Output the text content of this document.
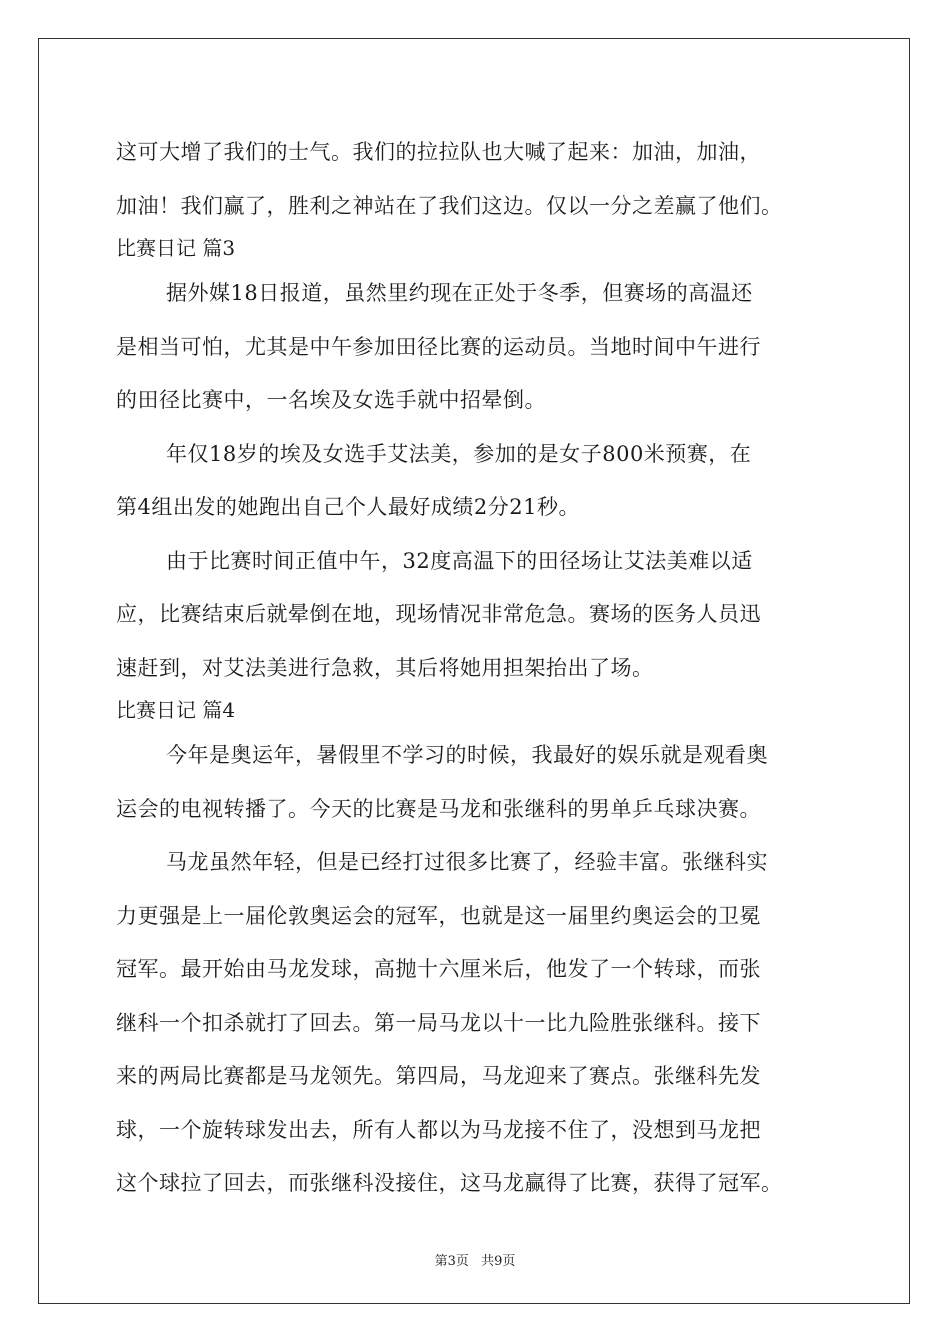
这可大增了我们的士气。我们的拉拉队也大喊了起来：加油，加油，
加油！我们赢了，胜利之神站在了我们这边。仅以一分之差赢了他们。
比赛日记 篇3
据外媒18日报道，虽然里约现在正处于冬季，但赛场的高温还
是相当可怕，尤其是中午参加田径比赛的运动员。当地时间中午进行
的田径比赛中，一名埃及女选手就中招晕倒。
年仅18岁的埃及女选手艾法美，参加的是女子800米预赛，在
第4组出发的她跑出自己个人最好成绩2分21秒。
由于比赛时间正值中午，32度高温下的田径场让艾法美难以适
应，比赛结束后就晕倒在地，现场情况非常危急。赛场的医务人员迅
速赶到，对艾法美进行急救，其后将她用担架抬出了场。
比赛日记 篇4
今年是奥运年，暑假里不学习的时候，我最好的娱乐就是观看奥
运会的电视转播了。今天的比赛是马龙和张继科的男单乒乓球决赛。
马龙虽然年轻，但是已经打过很多比赛了，经验丰富。张继科实
力更强是上一届伦敦奥运会的冠军，也就是这一届里约奥运会的卫冕
冠军。最开始由马龙发球，高抛十六厘米后，他发了一个转球，而张
继科一个扣杀就打了回去。第一局马龙以十一比九险胜张继科。接下
来的两局比赛都是马龙领先。第四局，马龙迎来了赛点。张继科先发
球，一个旋转球发出去，所有人都以为马龙接不住了，没想到马龙把
这个球拉了回去，而张继科没接住，这马龙赢得了比赛，获得了冠军。
第3页 共9页
